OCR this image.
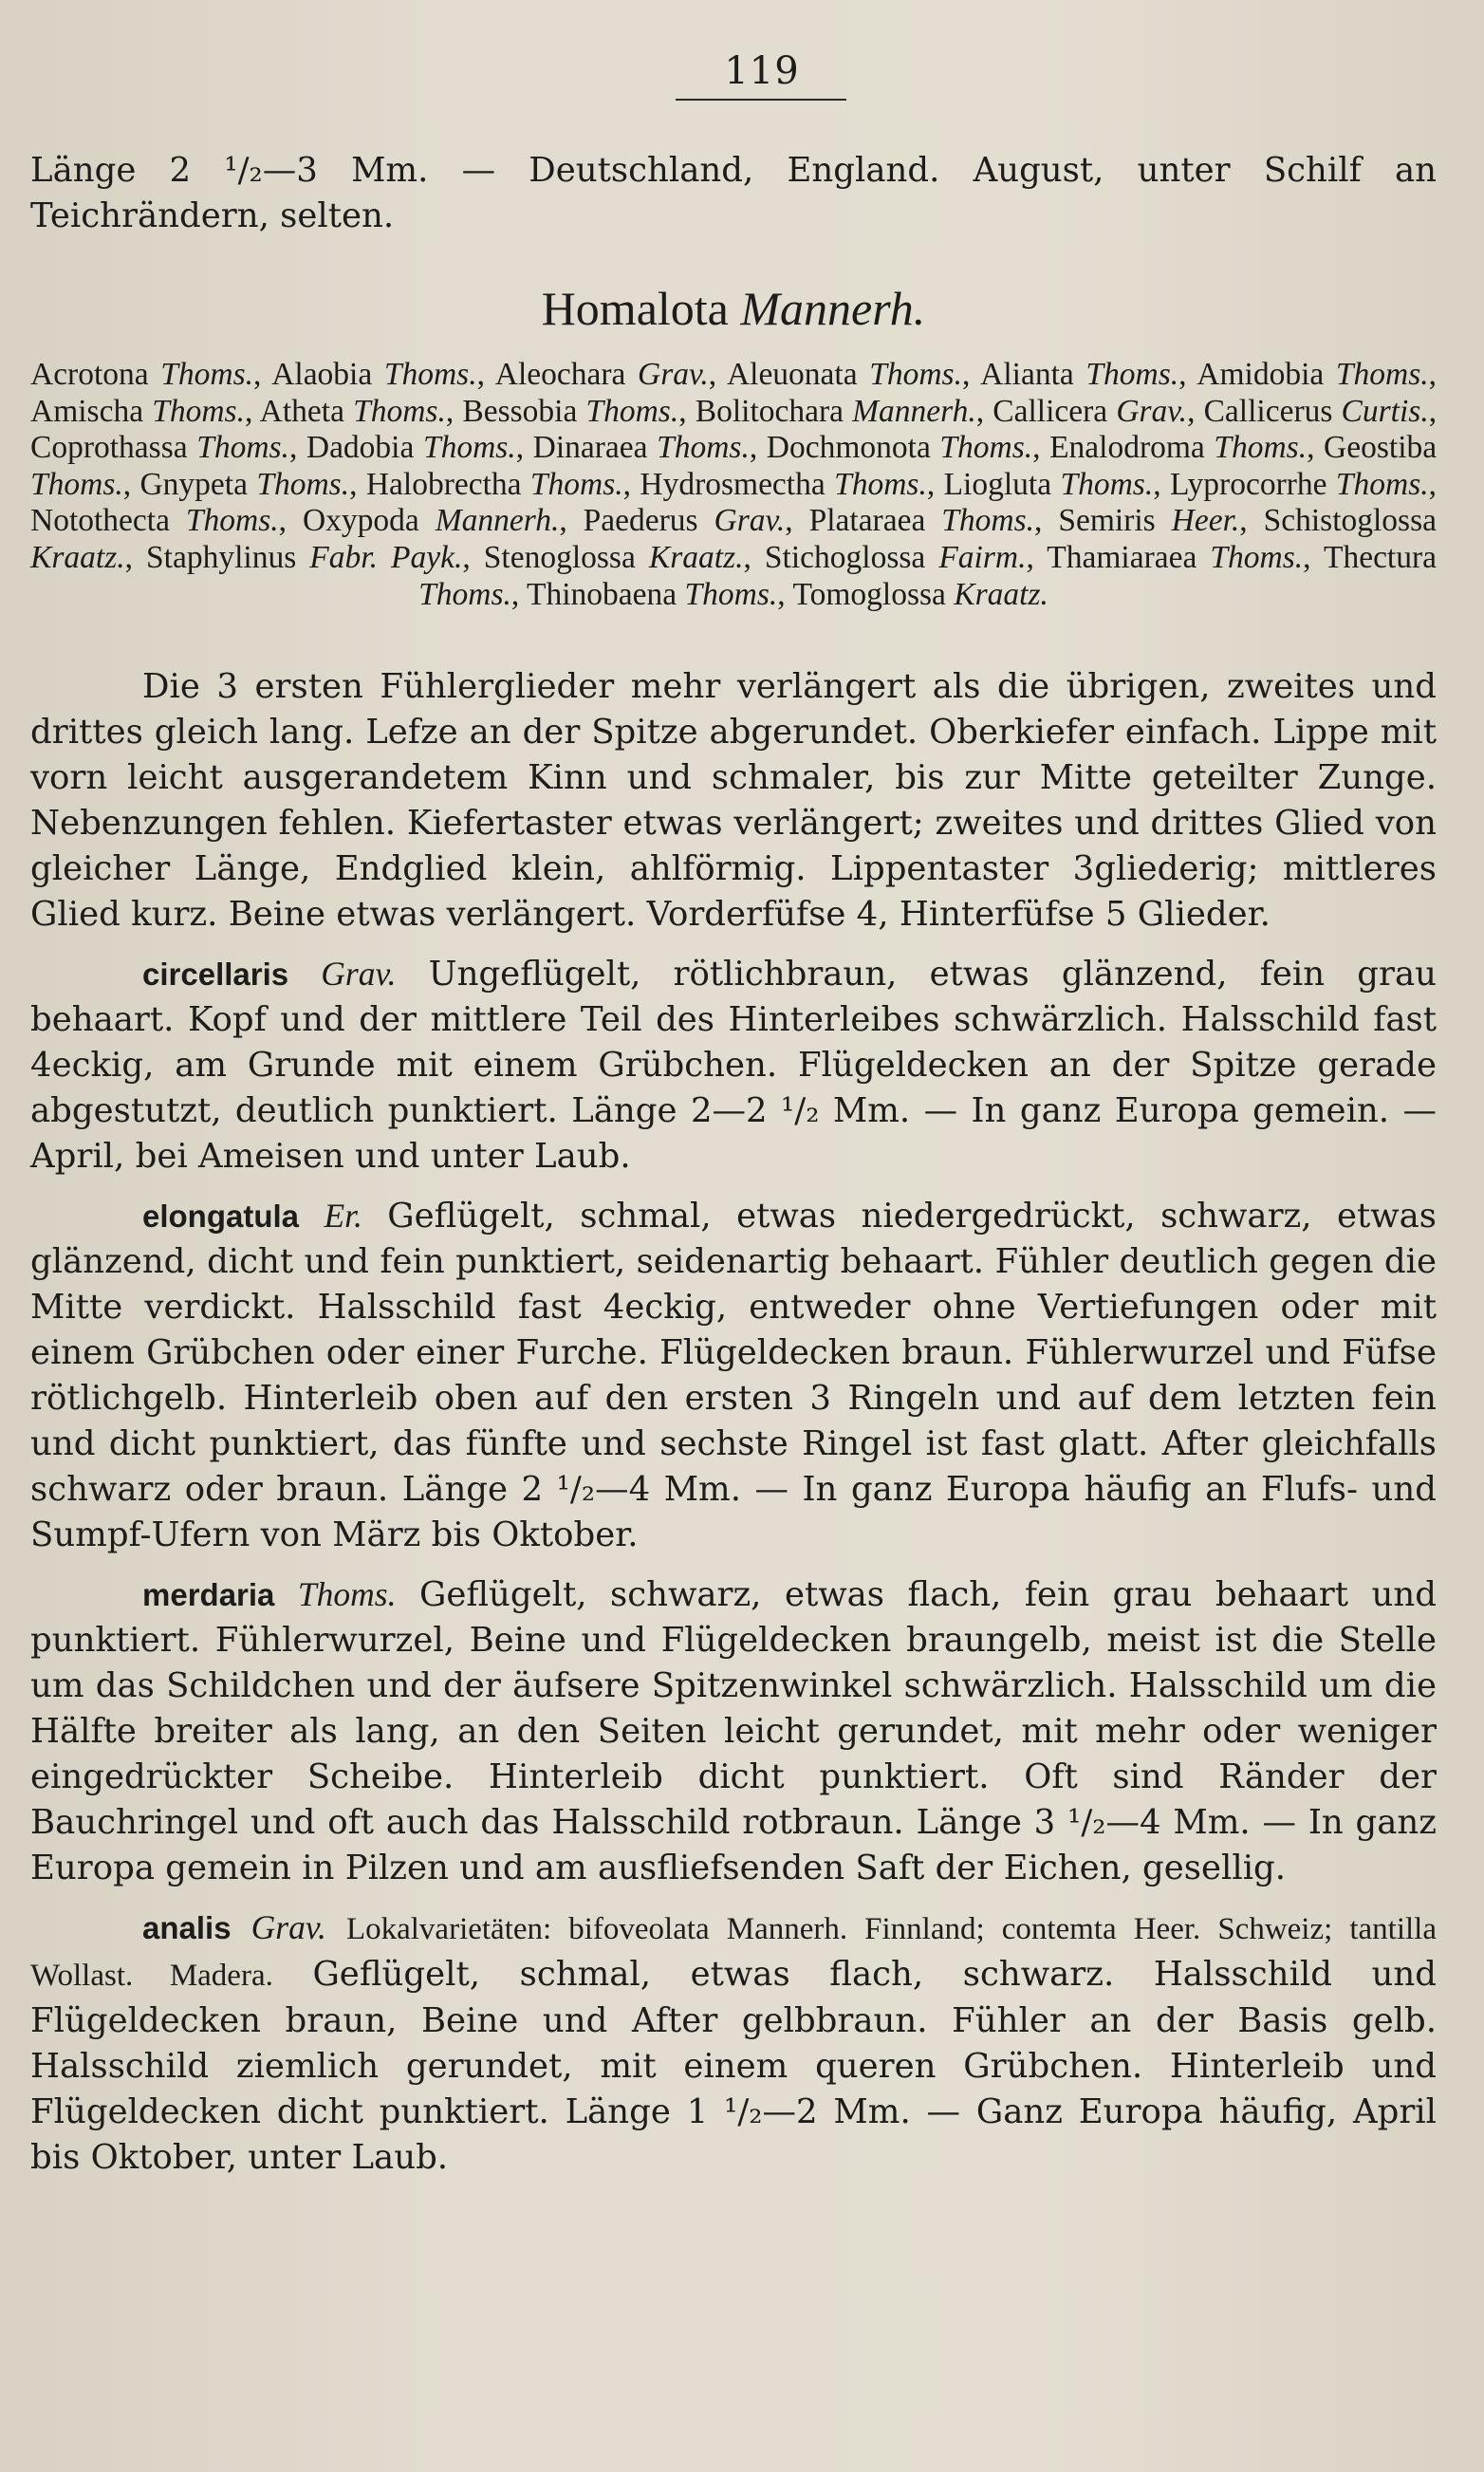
119

Länge 2 ¹/₂—3 Mm. — Deutschland, England. August, unter Schilf an Teichrändern, selten.

Homalota Mannerh.

Acrotona Thoms., Alaobia Thoms., Aleochara Grav., Aleuonata Thoms., Alianta Thoms., Amidobia Thoms., Amischa Thoms., Atheta Thoms., Bessobia Thoms., Bolitochara Mannerh., Callicera Grav., Callicerus Curtis., Coprothassa Thoms., Dadobia Thoms., Dinaraea Thoms., Dochmonota Thoms., Enalodroma Thoms., Geostiba Thoms., Gnypeta Thoms., Halobrectha Thoms., Hydrosmectha Thoms., Liogluta Thoms., Lyprocorrhe Thoms., Notothecta Thoms., Oxypoda Mannerh., Paederus Grav., Plataraea Thoms., Semiris Heer., Schistoglossa Kraatz., Staphylinus Fabr. Payk., Stenoglossa Kraatz., Stichoglossa Fairm., Thamiaraea Thoms., Thectura Thoms., Thinobaena Thoms., Tomoglossa Kraatz.

Die 3 ersten Fühlerglieder mehr verlängert als die übrigen, zweites und drittes gleich lang. Lefze an der Spitze abgerundet. Oberkiefer einfach. Lippe mit vorn leicht ausgerandetem Kinn und schmaler, bis zur Mitte geteilter Zunge. Nebenzungen fehlen. Kiefertaster etwas verlängert; zweites und drittes Glied von gleicher Länge, Endglied klein, ahlförmig. Lippentaster 3gliederig; mittleres Glied kurz. Beine etwas verlängert. Vorderfüfse 4, Hinterfüfse 5 Glieder.

circellaris Grav. Ungeflügelt, rötlichbraun, etwas glänzend, fein grau behaart. Kopf und der mittlere Teil des Hinterleibes schwärzlich. Halsschild fast 4eckig, am Grunde mit einem Grübchen. Flügeldecken an der Spitze gerade abgestutzt, deutlich punktiert. Länge 2—2 ¹/₂ Mm. — In ganz Europa gemein. — April, bei Ameisen und unter Laub.

elongatula Er. Geflügelt, schmal, etwas niedergedrückt, schwarz, etwas glänzend, dicht und fein punktiert, seidenartig behaart. Fühler deutlich gegen die Mitte verdickt. Halsschild fast 4eckig, entweder ohne Vertiefungen oder mit einem Grübchen oder einer Furche. Flügeldecken braun. Fühlerwurzel und Füfse rötlichgelb. Hinterleib oben auf den ersten 3 Ringeln und auf dem letzten fein und dicht punktiert, das fünfte und sechste Ringel ist fast glatt. After gleichfalls schwarz oder braun. Länge 2 ¹/₂—4 Mm. — In ganz Europa häufig an Flufs- und Sumpf-Ufern von März bis Oktober.

merdaria Thoms. Geflügelt, schwarz, etwas flach, fein grau behaart und punktiert. Fühlerwurzel, Beine und Flügeldecken braungelb, meist ist die Stelle um das Schildchen und der äufsere Spitzenwinkel schwärzlich. Halsschild um die Hälfte breiter als lang, an den Seiten leicht gerundet, mit mehr oder weniger eingedrückter Scheibe. Hinterleib dicht punktiert. Oft sind Ränder der Bauchringel und oft auch das Halsschild rotbraun. Länge 3 ¹/₂—4 Mm. — In ganz Europa gemein in Pilzen und am ausfliefsenden Saft der Eichen, gesellig.

analis Grav. Lokalvarietäten: bifoveolata Mannerh. Finnland; contemta Heer. Schweiz; tantilla Wollast. Madera. Geflügelt, schmal, etwas flach, schwarz. Halsschild und Flügeldecken braun, Beine und After gelbbraun. Fühler an der Basis gelb. Halsschild ziemlich gerundet, mit einem queren Grübchen. Hinterleib und Flügeldecken dicht punktiert. Länge 1 ¹/₂—2 Mm. — Ganz Europa häufig, April bis Oktober, unter Laub.
